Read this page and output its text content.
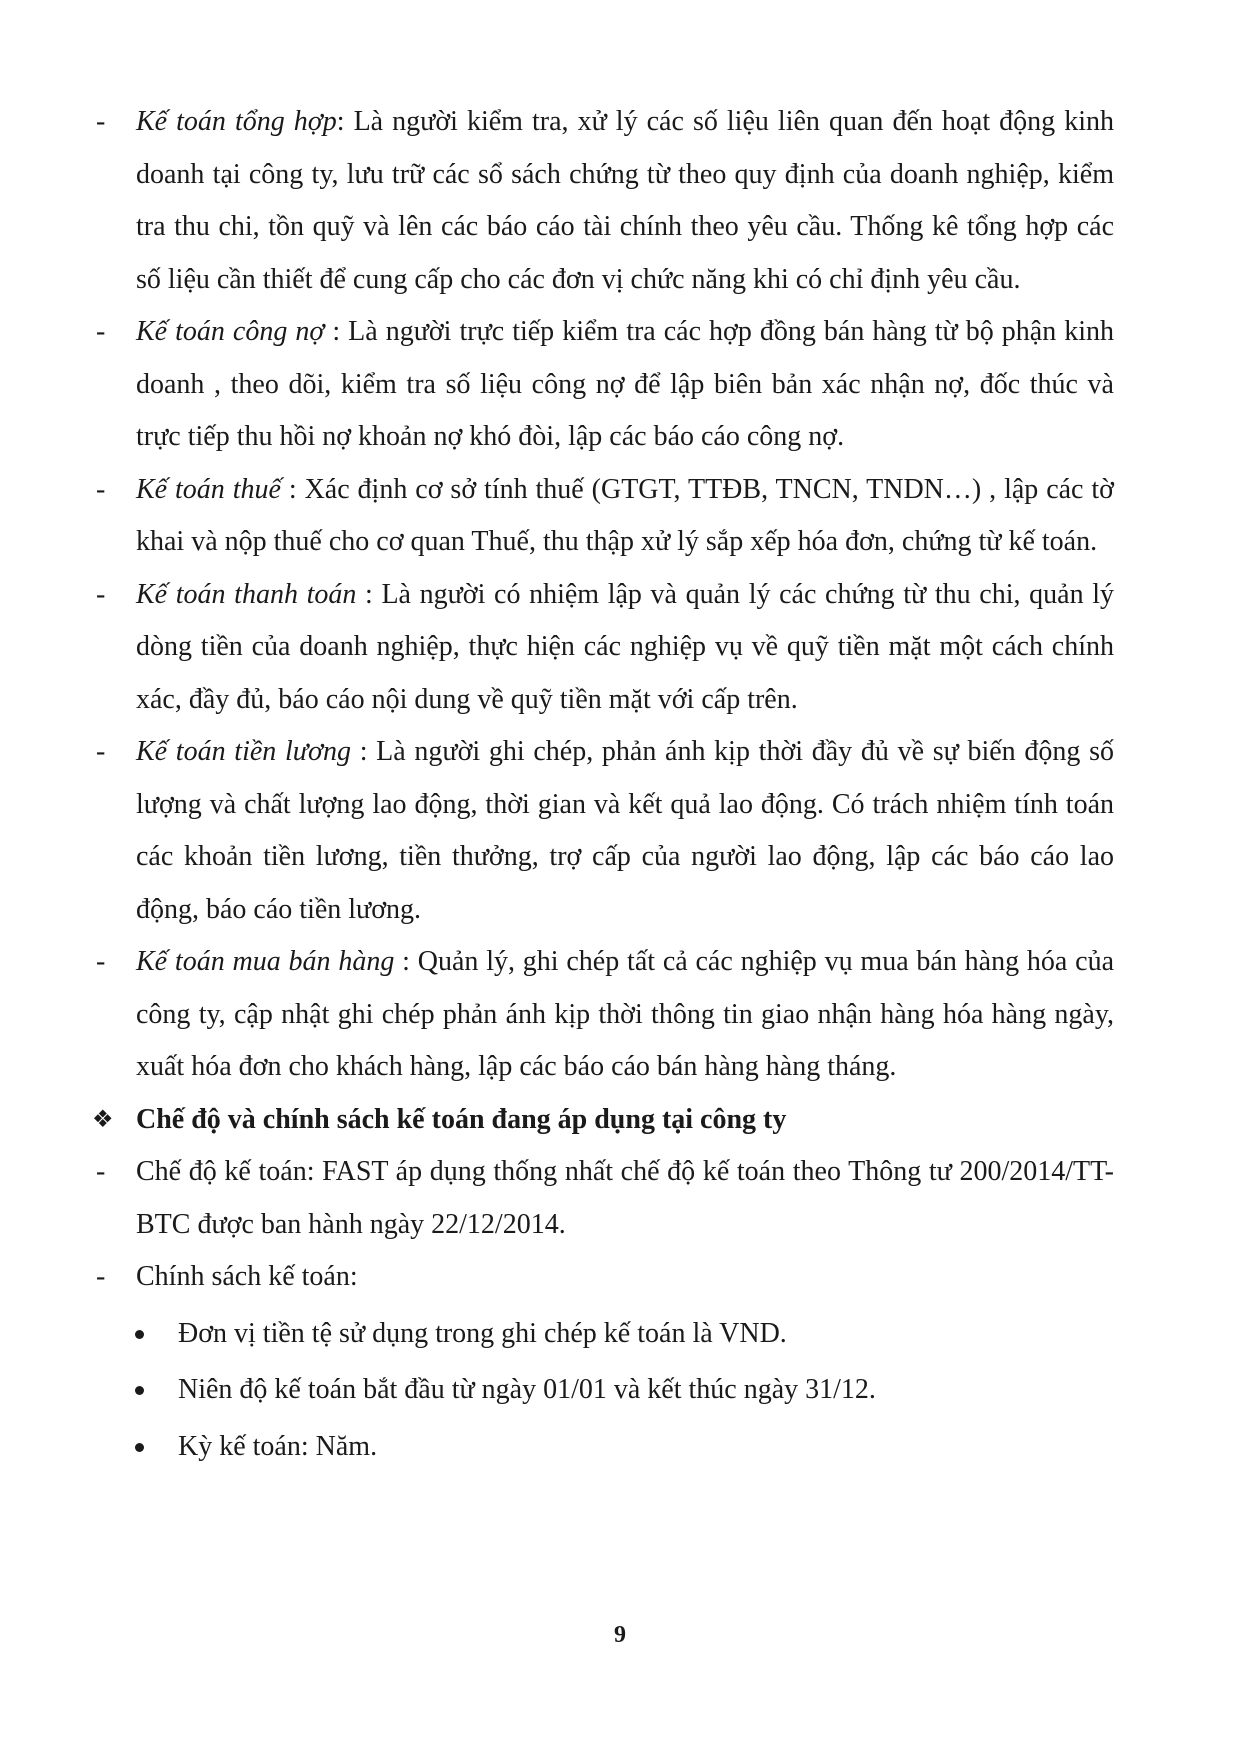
- Kế toán tổng hợp: Là người kiểm tra, xử lý các số liệu liên quan đến hoạt động kinh doanh tại công ty, lưu trữ các sổ sách chứng từ theo quy định của doanh nghiệp, kiểm tra thu chi, tồn quỹ và lên các báo cáo tài chính theo yêu cầu. Thống kê tổng hợp các số liệu cần thiết để cung cấp cho các đơn vị chức năng khi có chỉ định yêu cầu.
- Kế toán công nợ : Là người trực tiếp kiểm tra các hợp đồng bán hàng từ bộ phận kinh doanh , theo dõi, kiểm tra số liệu công nợ để lập biên bản xác nhận nợ, đốc thúc và trực tiếp thu hồi nợ khoản nợ khó đòi, lập các báo cáo công nợ.
- Kế toán thuế : Xác định cơ sở tính thuế (GTGT, TTĐB, TNCN, TNDN…) , lập các tờ khai và nộp thuế cho cơ quan Thuế, thu thập xử lý sắp xếp hóa đơn, chứng từ kế toán.
- Kế toán thanh toán : Là người có nhiệm lập và quản lý các chứng từ thu chi, quản lý dòng tiền của doanh nghiệp, thực hiện các nghiệp vụ về quỹ tiền mặt một cách chính xác, đầy đủ, báo cáo nội dung về quỹ tiền mặt với cấp trên.
- Kế toán tiền lương : Là người ghi chép, phản ánh kịp thời đầy đủ về sự biến động số lượng và chất lượng lao động, thời gian và kết quả lao động. Có trách nhiệm tính toán các khoản tiền lương, tiền thưởng, trợ cấp của người lao động, lập các báo cáo lao động, báo cáo tiền lương.
- Kế toán mua bán hàng : Quản lý, ghi chép tất cả các nghiệp vụ mua bán hàng hóa của công ty, cập nhật ghi chép phản ánh kịp thời thông tin giao nhận hàng hóa hàng ngày, xuất hóa đơn cho khách hàng, lập các báo cáo bán hàng hàng tháng.
❖ Chế độ và chính sách kế toán đang áp dụng tại công ty
- Chế độ kế toán: FAST áp dụng thống nhất chế độ kế toán theo Thông tư 200/2014/TT-BTC được ban hành ngày 22/12/2014.
- Chính sách kế toán:
Đơn vị tiền tệ sử dụng trong ghi chép kế toán là VND.
Niên độ kế toán bắt đầu từ ngày 01/01 và kết thúc ngày 31/12.
Kỳ kế toán: Năm.
9
